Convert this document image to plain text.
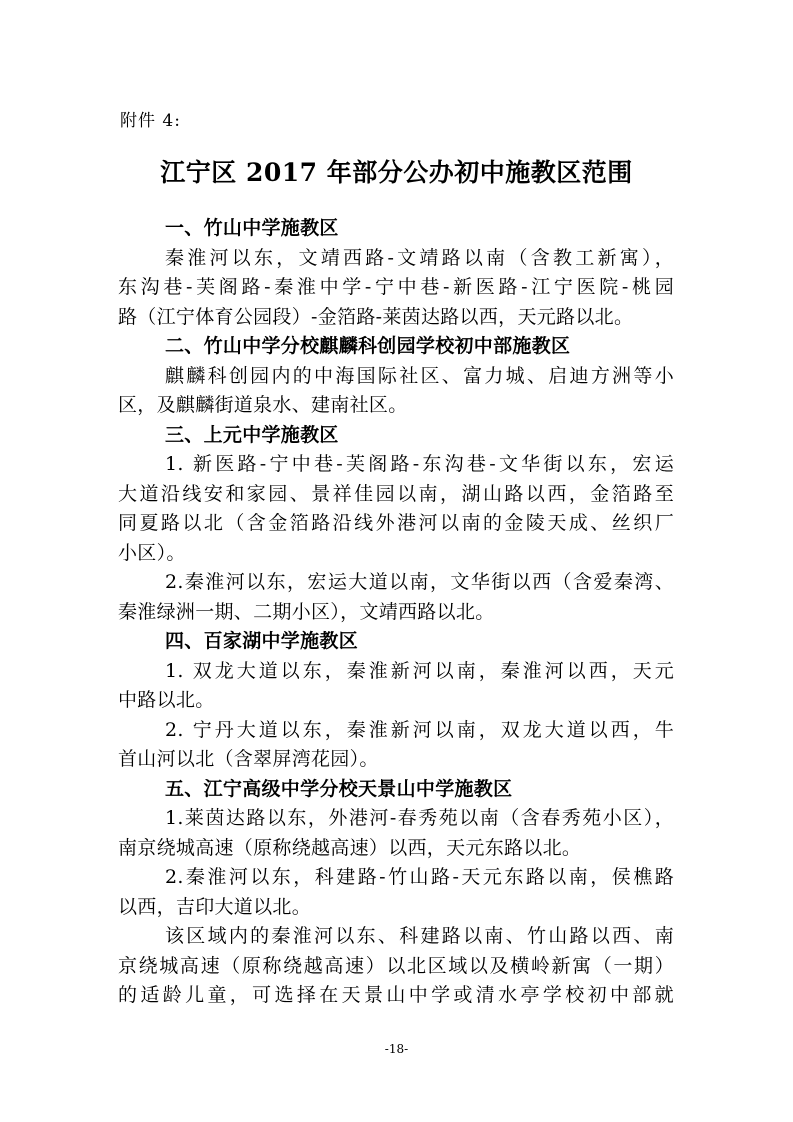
附件 4:
江宁区 2017 年部分公办初中施教区范围
一、竹山中学施教区
秦淮河以东，文靖西路-文靖路以南（含教工新寓），
东沟巷-芙阁路-秦淮中学-宁中巷-新医路-江宁医院-桃园
路（江宁体育公园段）-金箔路-莱茵达路以西，天元路以北。
二、竹山中学分校麒麟科创园学校初中部施教区
麒麟科创园内的中海国际社区、富力城、启迪方洲等小
区，及麒麟街道泉水、建南社区。
三、上元中学施教区
1. 新医路-宁中巷-芙阁路-东沟巷-文华街以东，宏运
大道沿线安和家园、景祥佳园以南，湖山路以西，金箔路至
同夏路以北（含金箔路沿线外港河以南的金陵天成、丝织厂
小区）。
2.秦淮河以东，宏运大道以南，文华街以西（含爱秦湾、
秦淮绿洲一期、二期小区），文靖西路以北。
四、百家湖中学施教区
1. 双龙大道以东，秦淮新河以南，秦淮河以西，天元
中路以北。
2. 宁丹大道以东，秦淮新河以南，双龙大道以西，牛
首山河以北（含翠屏湾花园）。
五、江宁高级中学分校天景山中学施教区
1.莱茵达路以东，外港河-春秀苑以南（含春秀苑小区），
南京绕城高速（原称绕越高速）以西，天元东路以北。
2.秦淮河以东，科建路-竹山路-天元东路以南，侯樵路
以西，吉印大道以北。
该区域内的秦淮河以东、科建路以南、竹山路以西、南
京绕城高速（原称绕越高速）以北区域以及横岭新寓（一期）
的适龄儿童，可选择在天景山中学或清水亭学校初中部就
-18-
